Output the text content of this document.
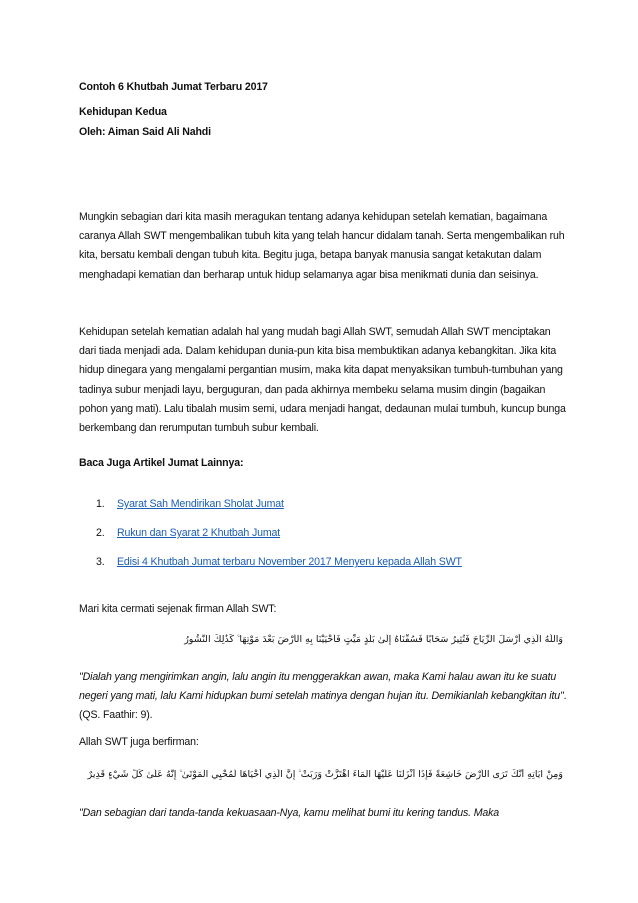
Contoh 6 Khutbah Jumat Terbaru 2017

Kehidupan Kedua

Oleh: Aiman Said Ali Nahdi

Mungkin sebagian dari kita masih meragukan tentang adanya kehidupan setelah kematian, bagaimana caranya Allah SWT mengembalikan tubuh kita yang telah hancur didalam tanah. Serta mengembalikan ruh kita, bersatu kembali dengan tubuh kita. Begitu juga, betapa banyak manusia sangat ketakutan dalam menghadapi kematian dan berharap untuk hidup selamanya agar bisa menikmati dunia dan seisinya.

Kehidupan setelah kematian adalah hal yang mudah bagi Allah SWT, semudah Allah SWT menciptakan dari tiada menjadi ada. Dalam kehidupan dunia-pun kita bisa membuktikan adanya kebangkitan. Jika kita hidup dinegara yang mengalami pergantian musim, maka kita dapat menyaksikan tumbuh-tumbuhan yang tadinya subur menjadi layu, berguguran, dan pada akhirnya membeku selama musim dingin (bagaikan pohon yang mati). Lalu tibalah musim semi, udara menjadi hangat, dedaunan mulai tumbuh, kuncup bunga berkembang dan rerumputan tumbuh subur kembali.

Baca Juga Artikel Jumat Lainnya:

1. Syarat Sah Mendirikan Sholat Jumat
2. Rukun dan Syarat 2 Khutbah Jumat
3. Edisi 4 Khutbah Jumat terbaru November 2017 Menyeru kepada Allah SWT

Mari kita cermati sejenak firman Allah SWT:

وَاللَّهُ الَّذِي أَرْسَلَ الرِّيَاحَ فَتُثِيرُ سَحَابًا فَسُقْنَاهُ إِلَىٰ بَلَدٍ مَيِّتٍ فَأَحْيَيْنَا بِهِ الْأَرْضَ بَعْدَ مَوْتِهَا ۚ كَذَٰلِكَ النُّشُورُ

"Dialah yang mengirimkan angin, lalu angin itu menggerakkan awan, maka Kami halau awan itu ke suatu negeri yang mati, lalu Kami hidupkan bumi setelah matinya dengan hujan itu. Demikianlah kebangkitan itu". (QS. Faathir: 9).

Allah SWT juga berfirman:

وَمِنْ آيَاتِهِ أَنَّكَ تَرَى الْأَرْضَ خَاشِعَةً فَإِذَا أَنْزَلْنَا عَلَيْهَا الْمَاءَ اهْتَزَّتْ وَرَبَتْ ۚ إِنَّ الَّذِي أَحْيَاهَا لَمُحْيِي الْمَوْتَىٰ ۚ إِنَّهُ عَلَىٰ كُلِّ شَيْءٍ قَدِيرٌ

"Dan sebagian dari tanda-tanda kekuasaan-Nya, kamu melihat bumi itu kering tandus. Maka
